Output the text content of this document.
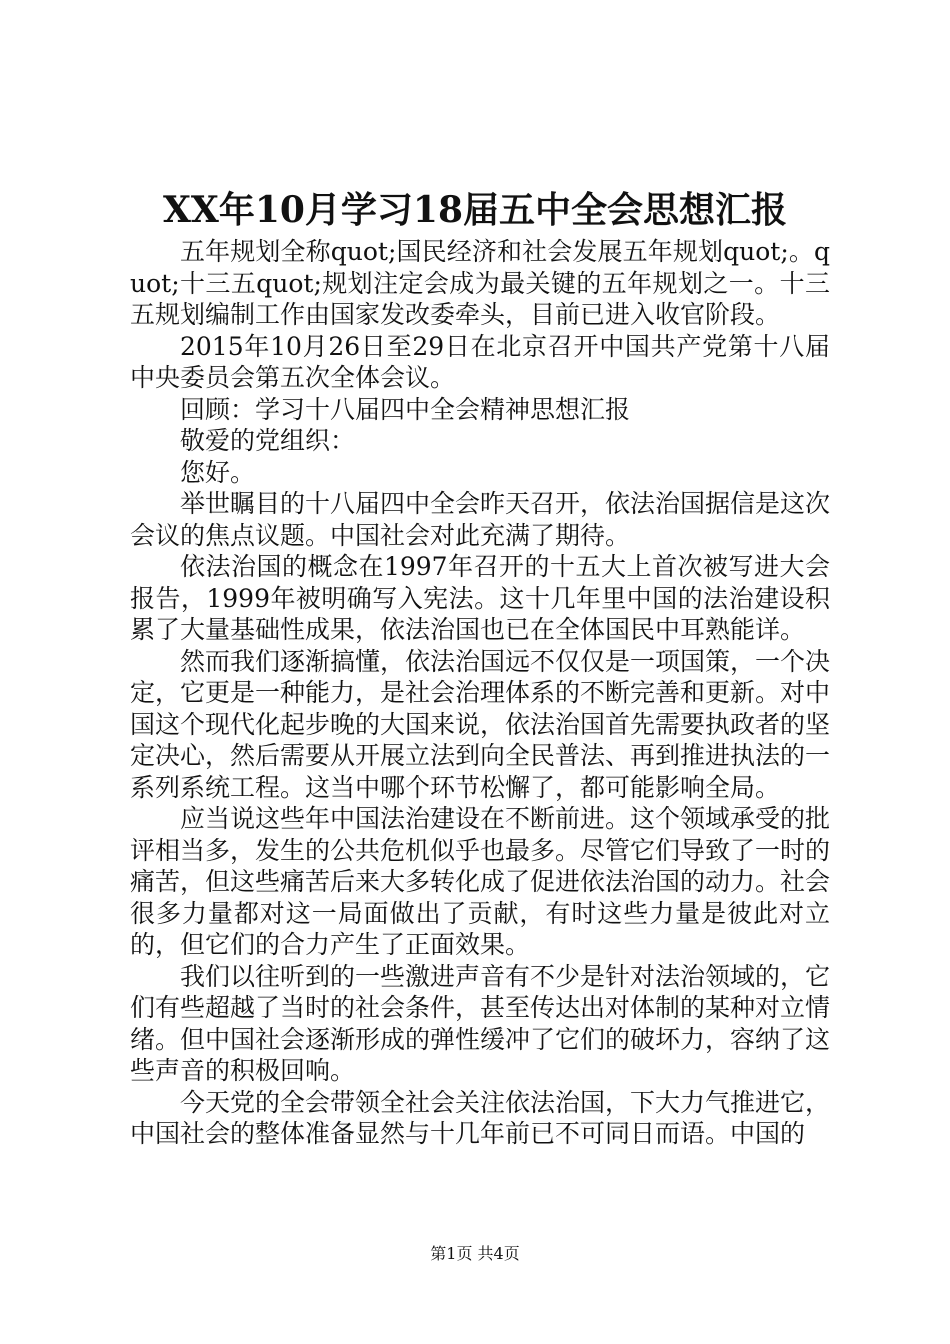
XX年10月学习18届五中全会思想汇报

五年规划全称quot;国民经济和社会发展五年规划quot;。quot;十三五quot;规划注定会成为最关键的五年规划之一。十三五规划编制工作由国家发改委牵头，目前已进入收官阶段。

2015年10月26日至29日在北京召开中国共产党第十八届中央委员会第五次全体会议。

回顾：学习十八届四中全会精神思想汇报

敬爱的党组织：

您好。

举世瞩目的十八届四中全会昨天召开，依法治国据信是这次会议的焦点议题。中国社会对此充满了期待。

依法治国的概念在1997年召开的十五大上首次被写进大会报告，1999年被明确写入宪法。这十几年里中国的法治建设积累了大量基础性成果，依法治国也已在全体国民中耳熟能详。

然而我们逐渐搞懂，依法治国远不仅仅是一项国策，一个决定，它更是一种能力，是社会治理体系的不断完善和更新。对中国这个现代化起步晚的大国来说，依法治国首先需要执政者的坚定决心，然后需要从开展立法到向全民普法、再到推进执法的一系列系统工程。这当中哪个环节松懈了，都可能影响全局。

应当说这些年中国法治建设在不断前进。这个领域承受的批评相当多，发生的公共危机似乎也最多。尽管它们导致了一时的痛苦，但这些痛苦后来大多转化成了促进依法治国的动力。社会很多力量都对这一局面做出了贡献，有时这些力量是彼此对立的，但它们的合力产生了正面效果。

我们以往听到的一些激进声音有不少是针对法治领域的，它们有些超越了当时的社会条件，甚至传达出对体制的某种对立情绪。但中国社会逐渐形成的弹性缓冲了它们的破坏力，容纳了这些声音的积极回响。

今天党的全会带领全社会关注依法治国，下大力气推进它，中国社会的整体准备显然与十几年前已不可同日而语。中国的

第1页 共4页
